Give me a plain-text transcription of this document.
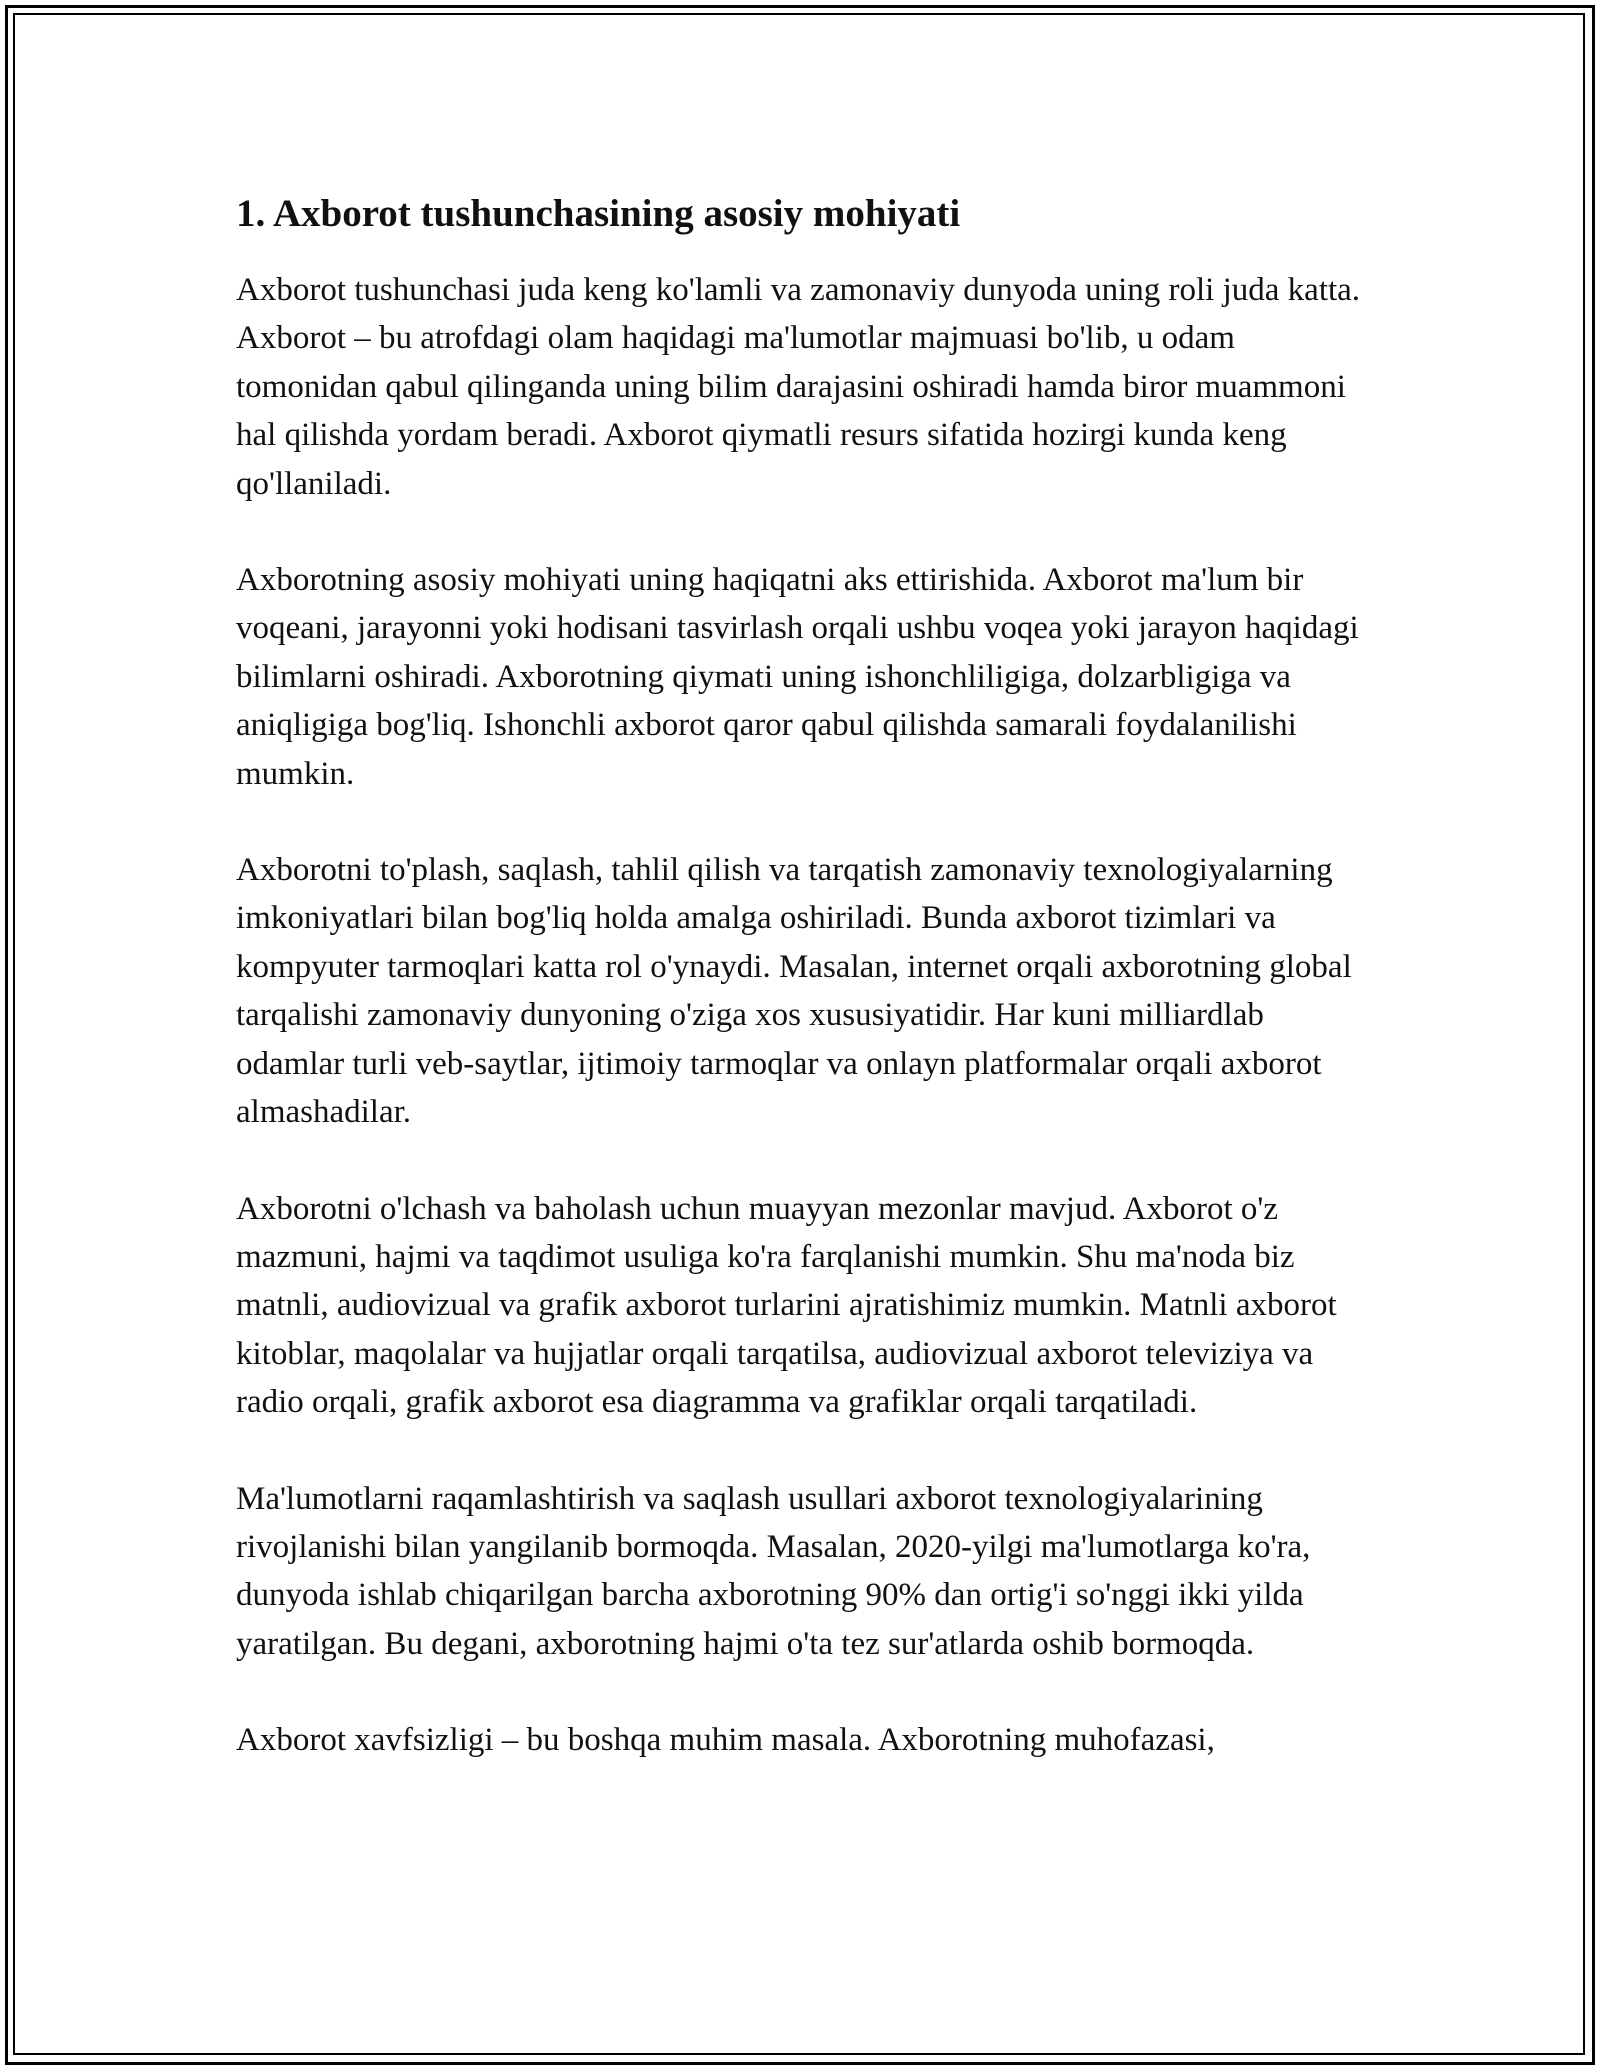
1. Axborot tushunchasining asosiy mohiyati

Axborot tushunchasi juda keng ko'lamli va zamonaviy dunyoda uning roli juda katta. Axborot – bu atrofdagi olam haqidagi ma'lumotlar majmuasi bo'lib, u odam tomonidan qabul qilinganda uning bilim darajasini oshiradi hamda biror muammoni hal qilishda yordam beradi. Axborot qiymatli resurs sifatida hozirgi kunda keng qo'llaniladi.

Axborotning asosiy mohiyati uning haqiqatni aks ettirishida. Axborot ma'lum bir voqeani, jarayonni yoki hodisani tasvirlash orqali ushbu voqea yoki jarayon haqidagi bilimlarni oshiradi. Axborotning qiymati uning ishonchliligiga, dolzarbligiga va aniqligiga bog'liq. Ishonchli axborot qaror qabul qilishda samarali foydalanilishi mumkin.

Axborotni to'plash, saqlash, tahlil qilish va tarqatish zamonaviy texnologiyalarning imkoniyatlari bilan bog'liq holda amalga oshiriladi. Bunda axborot tizimlari va kompyuter tarmoqlari katta rol o'ynaydi. Masalan, internet orqali axborotning global tarqalishi zamonaviy dunyoning o'ziga xos xususiyatidir. Har kuni milliardlab odamlar turli veb-saytlar, ijtimoiy tarmoqlar va onlayn platformalar orqali axborot almashadilar.

Axborotni o'lchash va baholash uchun muayyan mezonlar mavjud. Axborot o'z mazmuni, hajmi va taqdimot usuliga ko'ra farqlanishi mumkin. Shu ma'noda biz matnli, audiovizual va grafik axborot turlarini ajratishimiz mumkin. Matnli axborot kitoblar, maqolalar va hujjatlar orqali tarqatilsa, audiovizual axborot televiziya va radio orqali, grafik axborot esa diagramma va grafiklar orqali tarqatiladi.

Ma'lumotlarni raqamlashtirish va saqlash usullari axborot texnologiyalarining rivojlanishi bilan yangilanib bormoqda. Masalan, 2020-yilgi ma'lumotlarga ko'ra, dunyoda ishlab chiqarilgan barcha axborotning 90% dan ortig'i so'nggi ikki yilda yaratilgan. Bu degani, axborotning hajmi o'ta tez sur'atlarda oshib bormoqda.

Axborot xavfsizligi – bu boshqa muhim masala. Axborotning muhofazasi,
